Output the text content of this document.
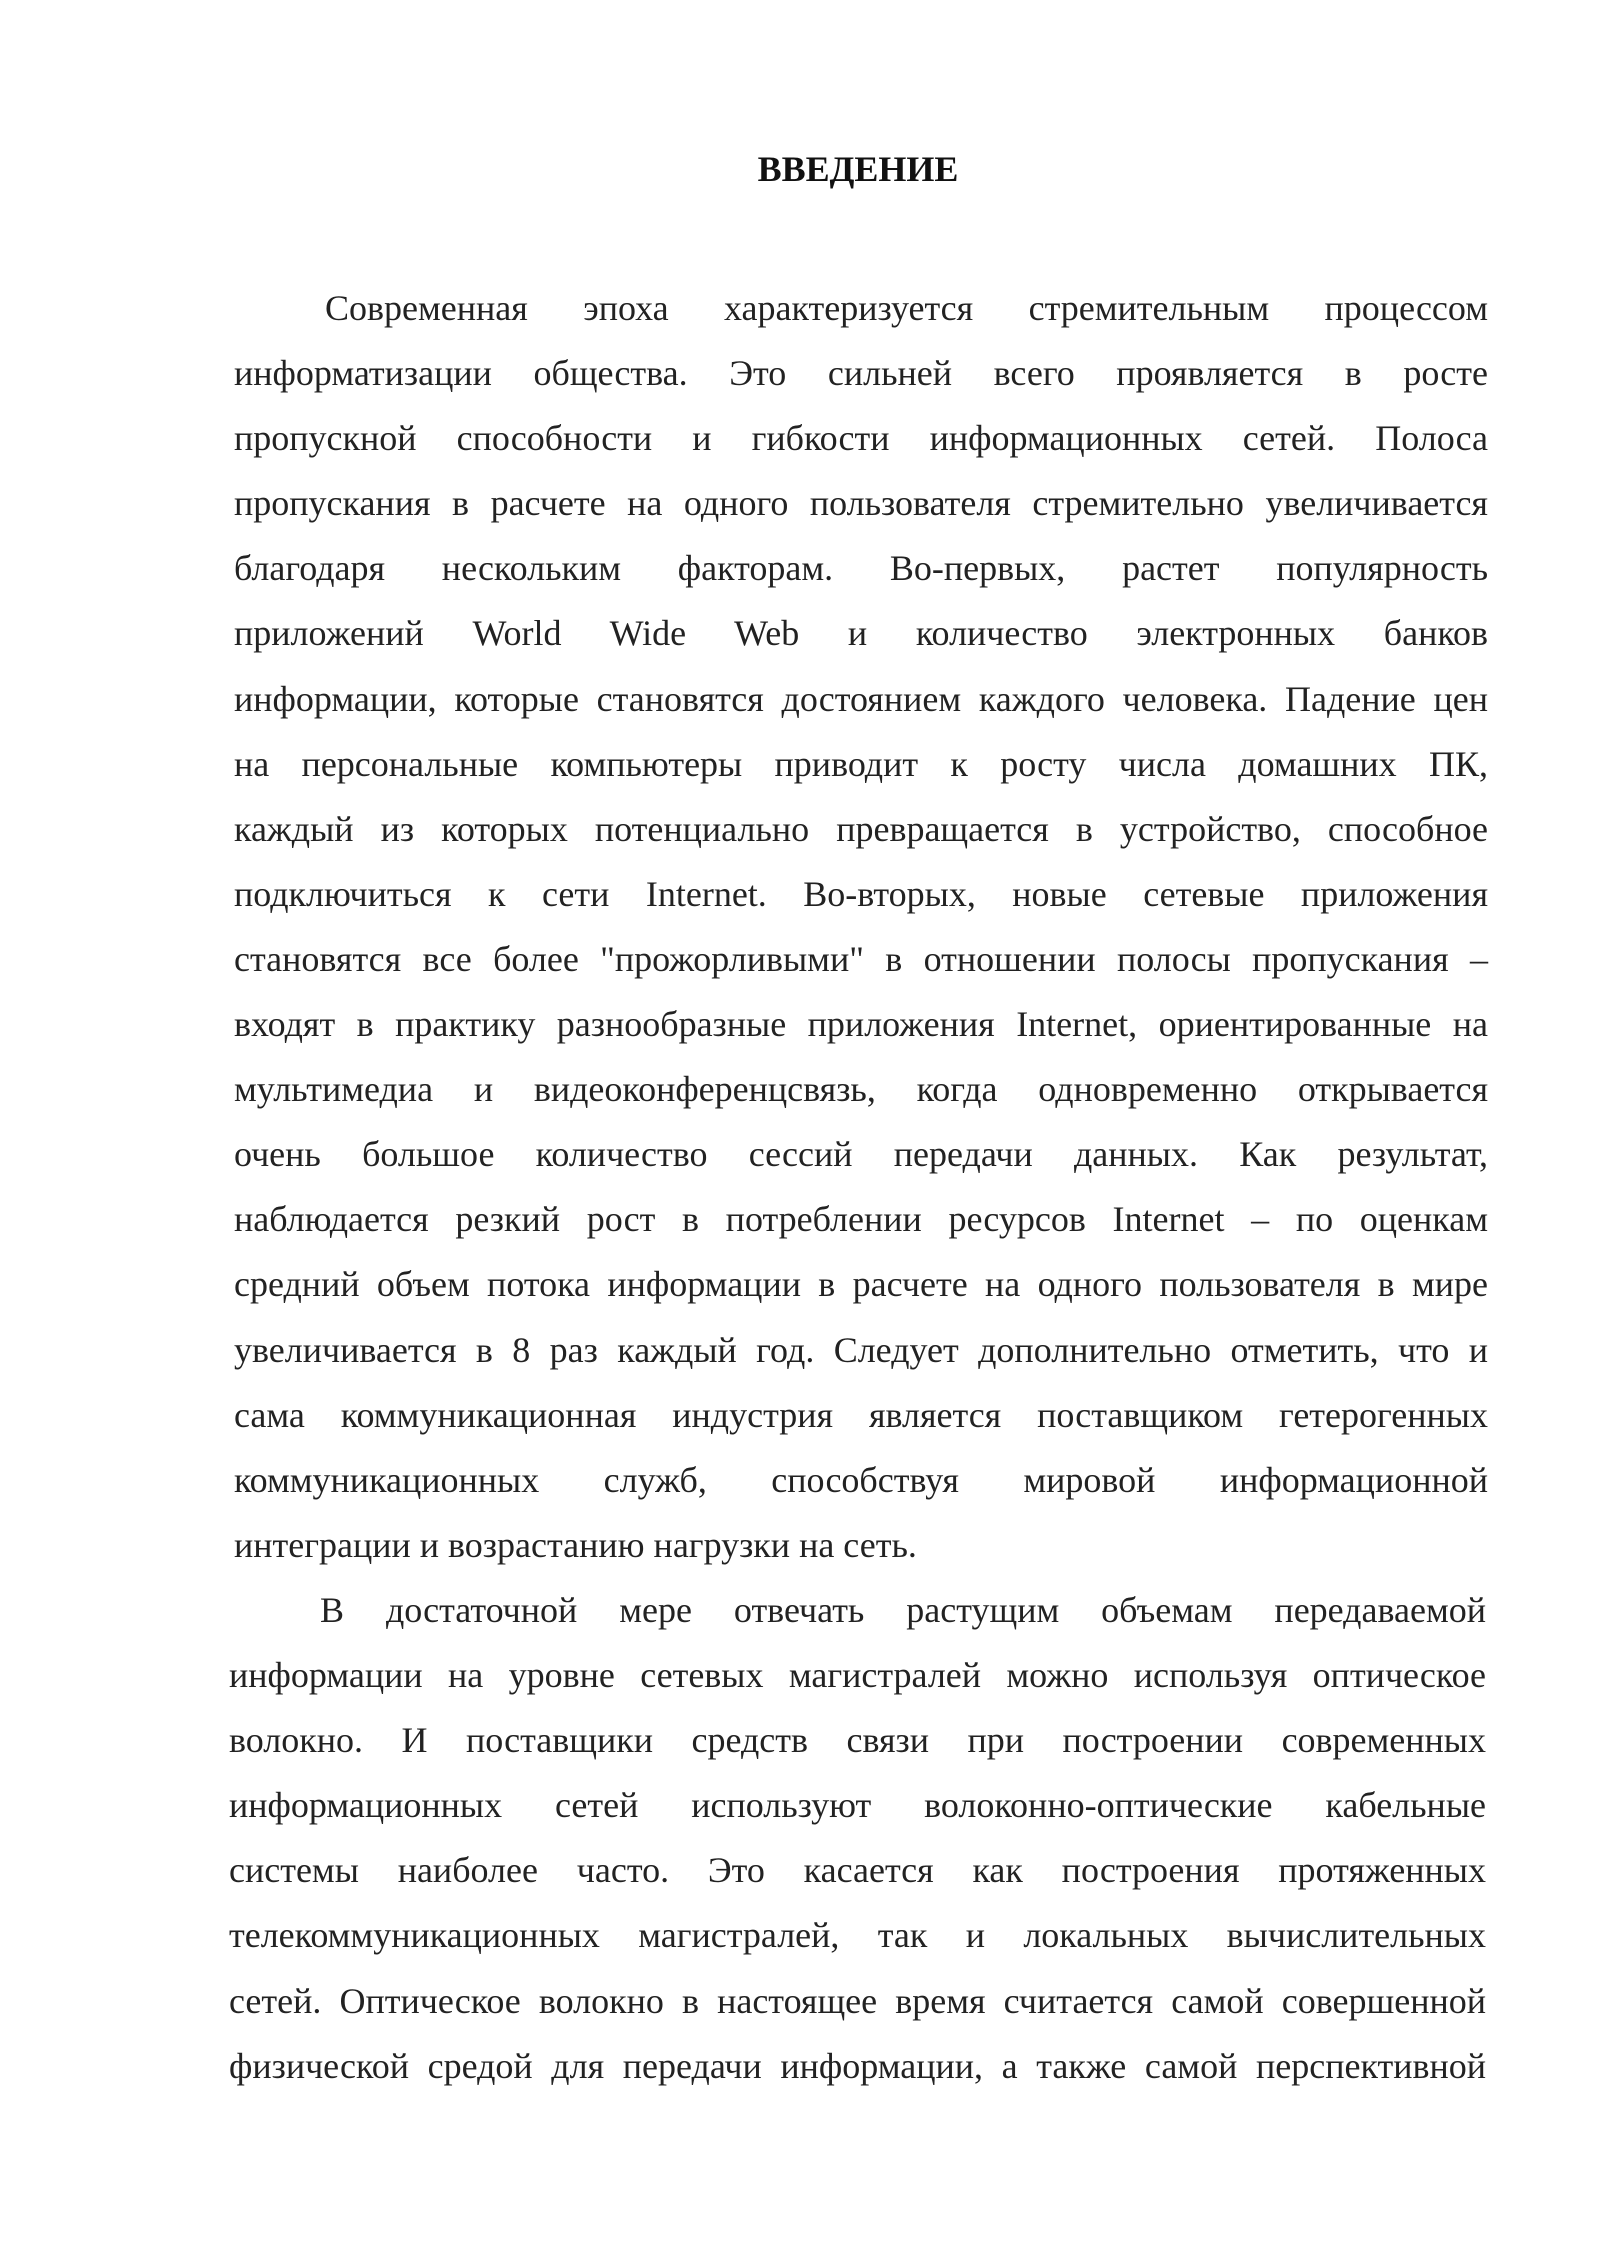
ВВЕДЕНИЕ
Современная эпоха характеризуется стремительным процессом
информатизации общества. Это сильней всего проявляется в росте
пропускной способности и гибкости информационных сетей. Полоса
пропускания в расчете на одного пользователя стремительно увеличивается
благодаря нескольким факторам. Во-первых, растет популярность
приложений World Wide Web и количество электронных банков
информации, которые становятся достоянием каждого человека. Падение цен
на персональные компьютеры приводит к росту числа домашних ПК,
каждый из которых потенциально превращается в устройство, способное
подключиться к сети Internet. Во-вторых, новые сетевые приложения
становятся все более "прожорливыми" в отношении полосы пропускания –
входят в практику разнообразные приложения Internet, ориентированные на
мультимедиа и видеоконференцсвязь, когда одновременно открывается
очень большое количество сессий передачи данных. Как результат,
наблюдается резкий рост в потреблении ресурсов Internet – по оценкам
средний объем потока информации в расчете на одного пользователя в мире
увеличивается в 8 раз каждый год. Следует дополнительно отметить, что и
сама коммуникационная индустрия является поставщиком гетерогенных
коммуникационных служб, способствуя мировой информационной
интеграции и возрастанию нагрузки на сеть.
В достаточной мере отвечать растущим объемам передаваемой
информации на уровне сетевых магистралей можно используя оптическое
волокно. И поставщики средств связи при построении современных
информационных сетей используют волоконно-оптические кабельные
системы наиболее часто. Это касается как построения протяженных
телекоммуникационных магистралей, так и локальных вычислительных
сетей. Оптическое волокно в настоящее время считается самой совершенной
физической средой для передачи информации, а также самой перспективной
